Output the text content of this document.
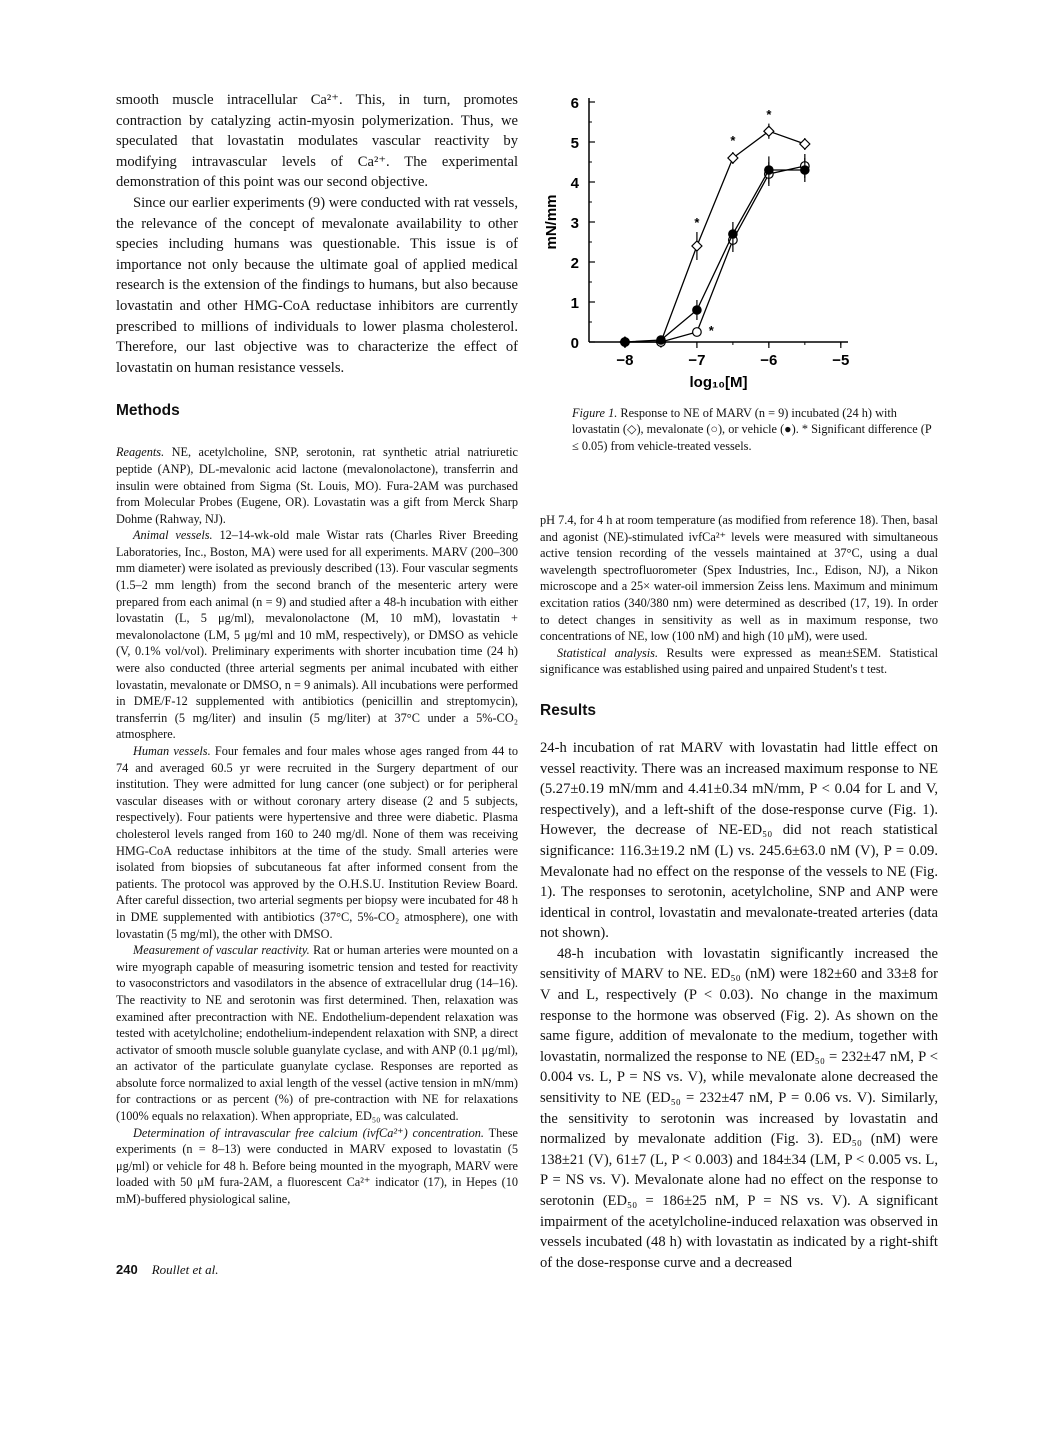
smooth muscle intracellular Ca²⁺. This, in turn, promotes contraction by catalyzing actin-myosin polymerization. Thus, we speculated that lovastatin modulates vascular reactivity by modifying intravascular levels of Ca²⁺. The experimental demonstration of this point was our second objective.

Since our earlier experiments (9) were conducted with rat vessels, the relevance of the concept of mevalonate availability to other species including humans was questionable. This issue is of importance not only because the ultimate goal of applied medical research is the extension of the findings to humans, but also because lovastatin and other HMG-CoA reductase inhibitors are currently prescribed to millions of individuals to lower plasma cholesterol. Therefore, our last objective was to characterize the effect of lovastatin on human resistance vessels.

Methods

Reagents. NE, acetylcholine, SNP, serotonin, rat synthetic atrial natriuretic peptide (ANP), DL-mevalonic acid lactone (mevalonolactone), transferrin and insulin were obtained from Sigma (St. Louis, MO). Fura-2AM was purchased from Molecular Probes (Eugene, OR). Lovastatin was a gift from Merck Sharp Dohme (Rahway, NJ).

Animal vessels. 12–14-wk-old male Wistar rats (Charles River Breeding Laboratories, Inc., Boston, MA) were used for all experiments. MARV (200–300 mm diameter) were isolated as previously described (13). Four vascular segments (1.5–2 mm length) from the second branch of the mesenteric artery were prepared from each animal (n = 9) and studied after a 48-h incubation with either lovastatin (L, 5 μg/ml), mevalonolactone (M, 10 mM), lovastatin + mevalonolactone (LM, 5 μg/ml and 10 mM, respectively), or DMSO as vehicle (V, 0.1% vol/vol). Preliminary experiments with shorter incubation time (24 h) were also conducted (three arterial segments per animal incubated with either lovastatin, mevalonate or DMSO, n = 9 animals). All incubations were performed in DME/F-12 supplemented with antibiotics (penicillin and streptomycin), transferrin (5 mg/liter) and insulin (5 mg/liter) at 37°C under a 5%-CO₂ atmosphere.

Human vessels. Four females and four males whose ages ranged from 44 to 74 and averaged 60.5 yr were recruited in the Surgery department of our institution. They were admitted for lung cancer (one subject) or for peripheral vascular diseases with or without coronary artery disease (2 and 5 subjects, respectively). Four patients were hypertensive and three were diabetic. Plasma cholesterol levels ranged from 160 to 240 mg/dl. None of them was receiving HMG-CoA reductase inhibitors at the time of the study. Small arteries were isolated from biopsies of subcutaneous fat after informed consent from the patients. The protocol was approved by the O.H.S.U. Institution Review Board. After careful dissection, two arterial segments per biopsy were incubated for 48 h in DME supplemented with antibiotics (37°C, 5%-CO₂ atmosphere), one with lovastatin (5 mg/ml), the other with DMSO.

Measurement of vascular reactivity. Rat or human arteries were mounted on a wire myograph capable of measuring isometric tension and tested for reactivity to vasoconstrictors and vasodilators in the absence of extracellular drug (14–16). The reactivity to NE and serotonin was first determined. Then, relaxation was examined after precontraction with NE. Endothelium-dependent relaxation was tested with acetylcholine; endothelium-independent relaxation with SNP, a direct activator of smooth muscle soluble guanylate cyclase, and with ANP (0.1 μg/ml), an activator of the particulate guanylate cyclase. Responses are reported as absolute force normalized to axial length of the vessel (active tension in mN/mm) for contractions or as percent (%) of pre-contraction with NE for relaxations (100% equals no relaxation). When appropriate, ED₅₀ was calculated.

Determination of intravascular free calcium (ivfCa²⁺) concentration. These experiments (n = 8–13) were conducted in MARV exposed to lovastatin (5 μg/ml) or vehicle for 48 h. Before being mounted in the myograph, MARV were loaded with 50 μM fura-2AM, a fluorescent Ca²⁺ indicator (17), in Hepes (10 mM)-buffered physiological saline,

0
1
2
3
4
5
6
−8	−7	−6	−5
log₁₀[M]
mN/mm	*
*
*
*

Figure 1. Response to NE of MARV (n = 9) incubated (24 h) with lovastatin (◇), mevalonate (○), or vehicle (●). * Significant difference (P ≤ 0.05) from vehicle-treated vessels.

pH 7.4, for 4 h at room temperature (as modified from reference 18). Then, basal and agonist (NE)-stimulated ivfCa²⁺ levels were measured with simultaneous active tension recording of the vessels maintained at 37°C, using a dual wavelength spectrofluorometer (Spex Industries, Inc., Edison, NJ), a Nikon microscope and a 25× water-oil immersion Zeiss lens. Maximum and minimum excitation ratios (340/380 nm) were determined as described (17, 19). In order to detect changes in sensitivity as well as in maximum response, two concentrations of NE, low (100 nM) and high (10 μM), were used.

Statistical analysis. Results were expressed as mean±SEM. Statistical significance was established using paired and unpaired Student's t test.

Results

24-h incubation of rat MARV with lovastatin had little effect on vessel reactivity. There was an increased maximum response to NE (5.27±0.19 mN/mm and 4.41±0.34 mN/mm, P < 0.04 for L and V, respectively), and a left-shift of the dose-response curve (Fig. 1). However, the decrease of NE-ED₅₀ did not reach statistical significance: 116.3±19.2 nM (L) vs. 245.6±63.0 nM (V), P = 0.09. Mevalonate had no effect on the response of the vessels to NE (Fig. 1). The responses to serotonin, acetylcholine, SNP and ANP were identical in control, lovastatin and mevalonate-treated arteries (data not shown).

48-h incubation with lovastatin significantly increased the sensitivity of MARV to NE. ED₅₀ (nM) were 182±60 and 33±8 for V and L, respectively (P < 0.03). No change in the maximum response to the hormone was observed (Fig. 2). As shown on the same figure, addition of mevalonate to the medium, together with lovastatin, normalized the response to NE (ED₅₀ = 232±47 nM, P < 0.004 vs. L, P = NS vs. V), while mevalonate alone decreased the sensitivity to NE (ED₅₀ = 232±47 nM, P = 0.06 vs. V). Similarly, the sensitivity to serotonin was increased by lovastatin and normalized by mevalonate addition (Fig. 3). ED₅₀ (nM) were 138±21 (V), 61±7 (L, P < 0.003) and 184±34 (LM, P < 0.005 vs. L, P = NS vs. V). Mevalonate alone had no effect on the response to serotonin (ED₅₀ = 186±25 nM, P = NS vs. V). A significant impairment of the acetylcholine-induced relaxation was observed in vessels incubated (48 h) with lovastatin as indicated by a right-shift of the dose-response curve and a decreased

240 Roullet et al.
